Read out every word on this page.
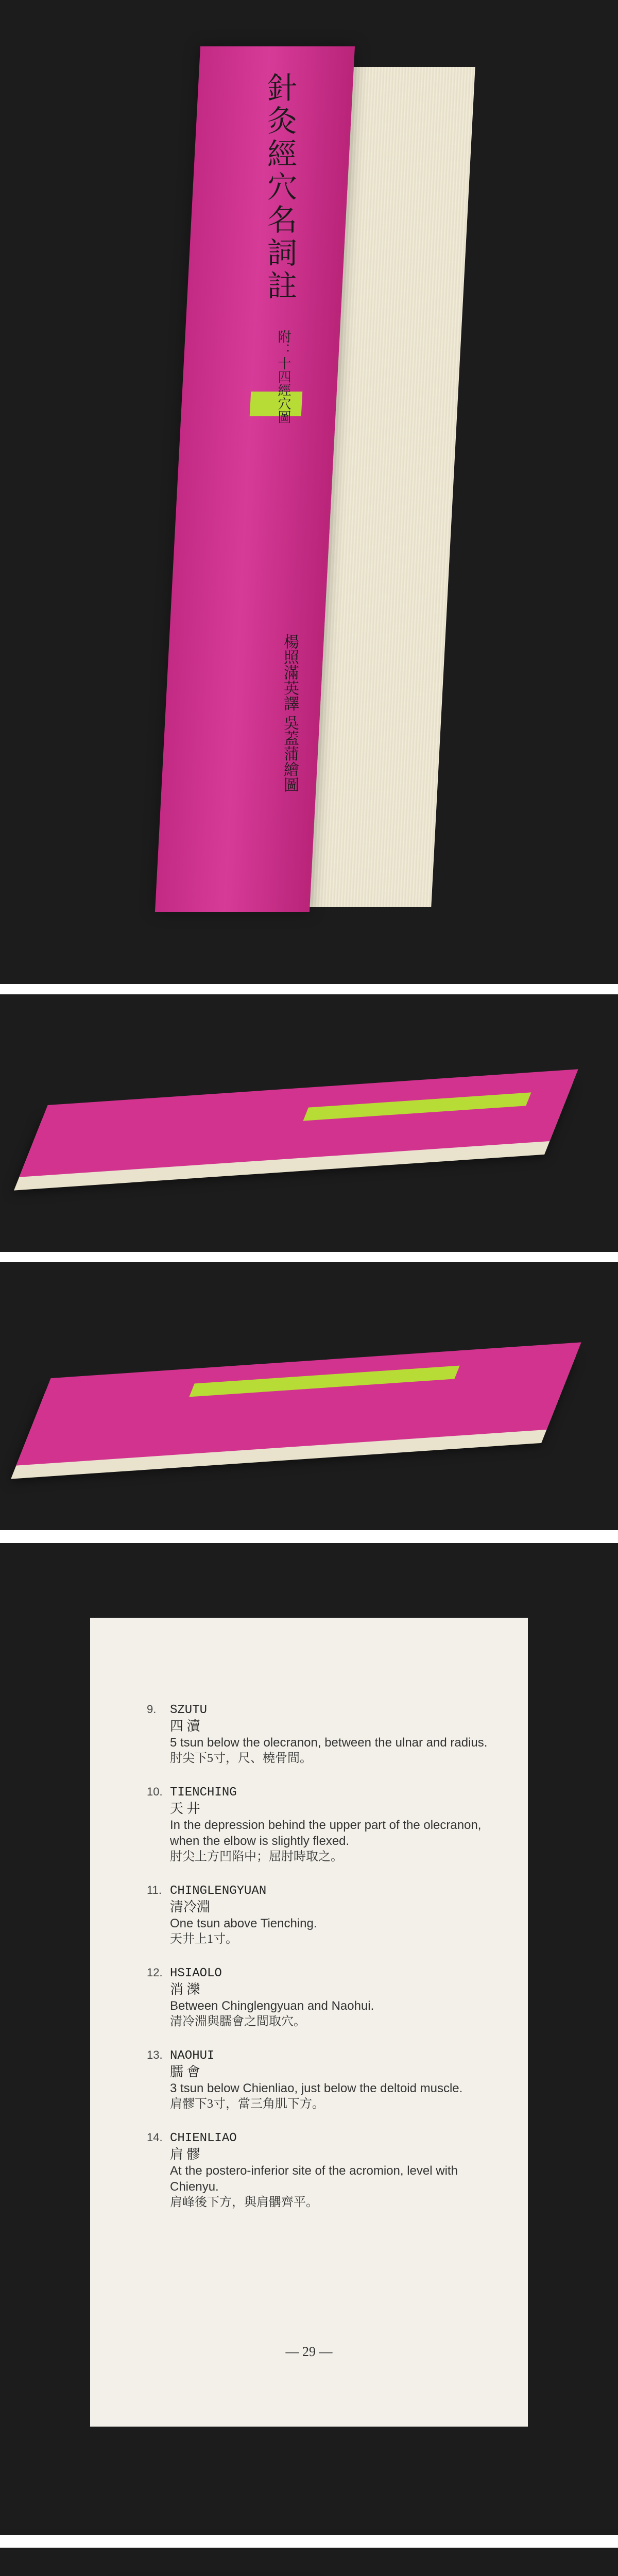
針灸經穴名詞註
附：十四經穴圖
楊照滿英譯 吳蓋蒲繪圖
— 29 —
9. SZUTU
四 瀆
5 tsun below the olecranon, between the ulnar and radius.
肘尖下5寸，尺、橈骨間。
10. TIENCHING
天 井
In the depression behind the upper part of the olecranon, when the elbow is slightly flexed.
肘尖上方凹陷中；屈肘時取之。
11. CHINGLENGYUAN
清冷淵
One tsun above Tienching.
天井上1寸。
12. HSIAOLO
消 濼
Between Chinglengyuan and Naohui.
清冷淵與臑會之間取穴。
13. NAOHUI
臑 會
3 tsun below Chienliao, just below the deltoid muscle.
肩髎下3寸，當三角肌下方。
14. CHIENLIAO
肩 髎
At the postero-inferior site of the acromion, level with Chienyu.
肩峰後下方，與肩髃齊平。
